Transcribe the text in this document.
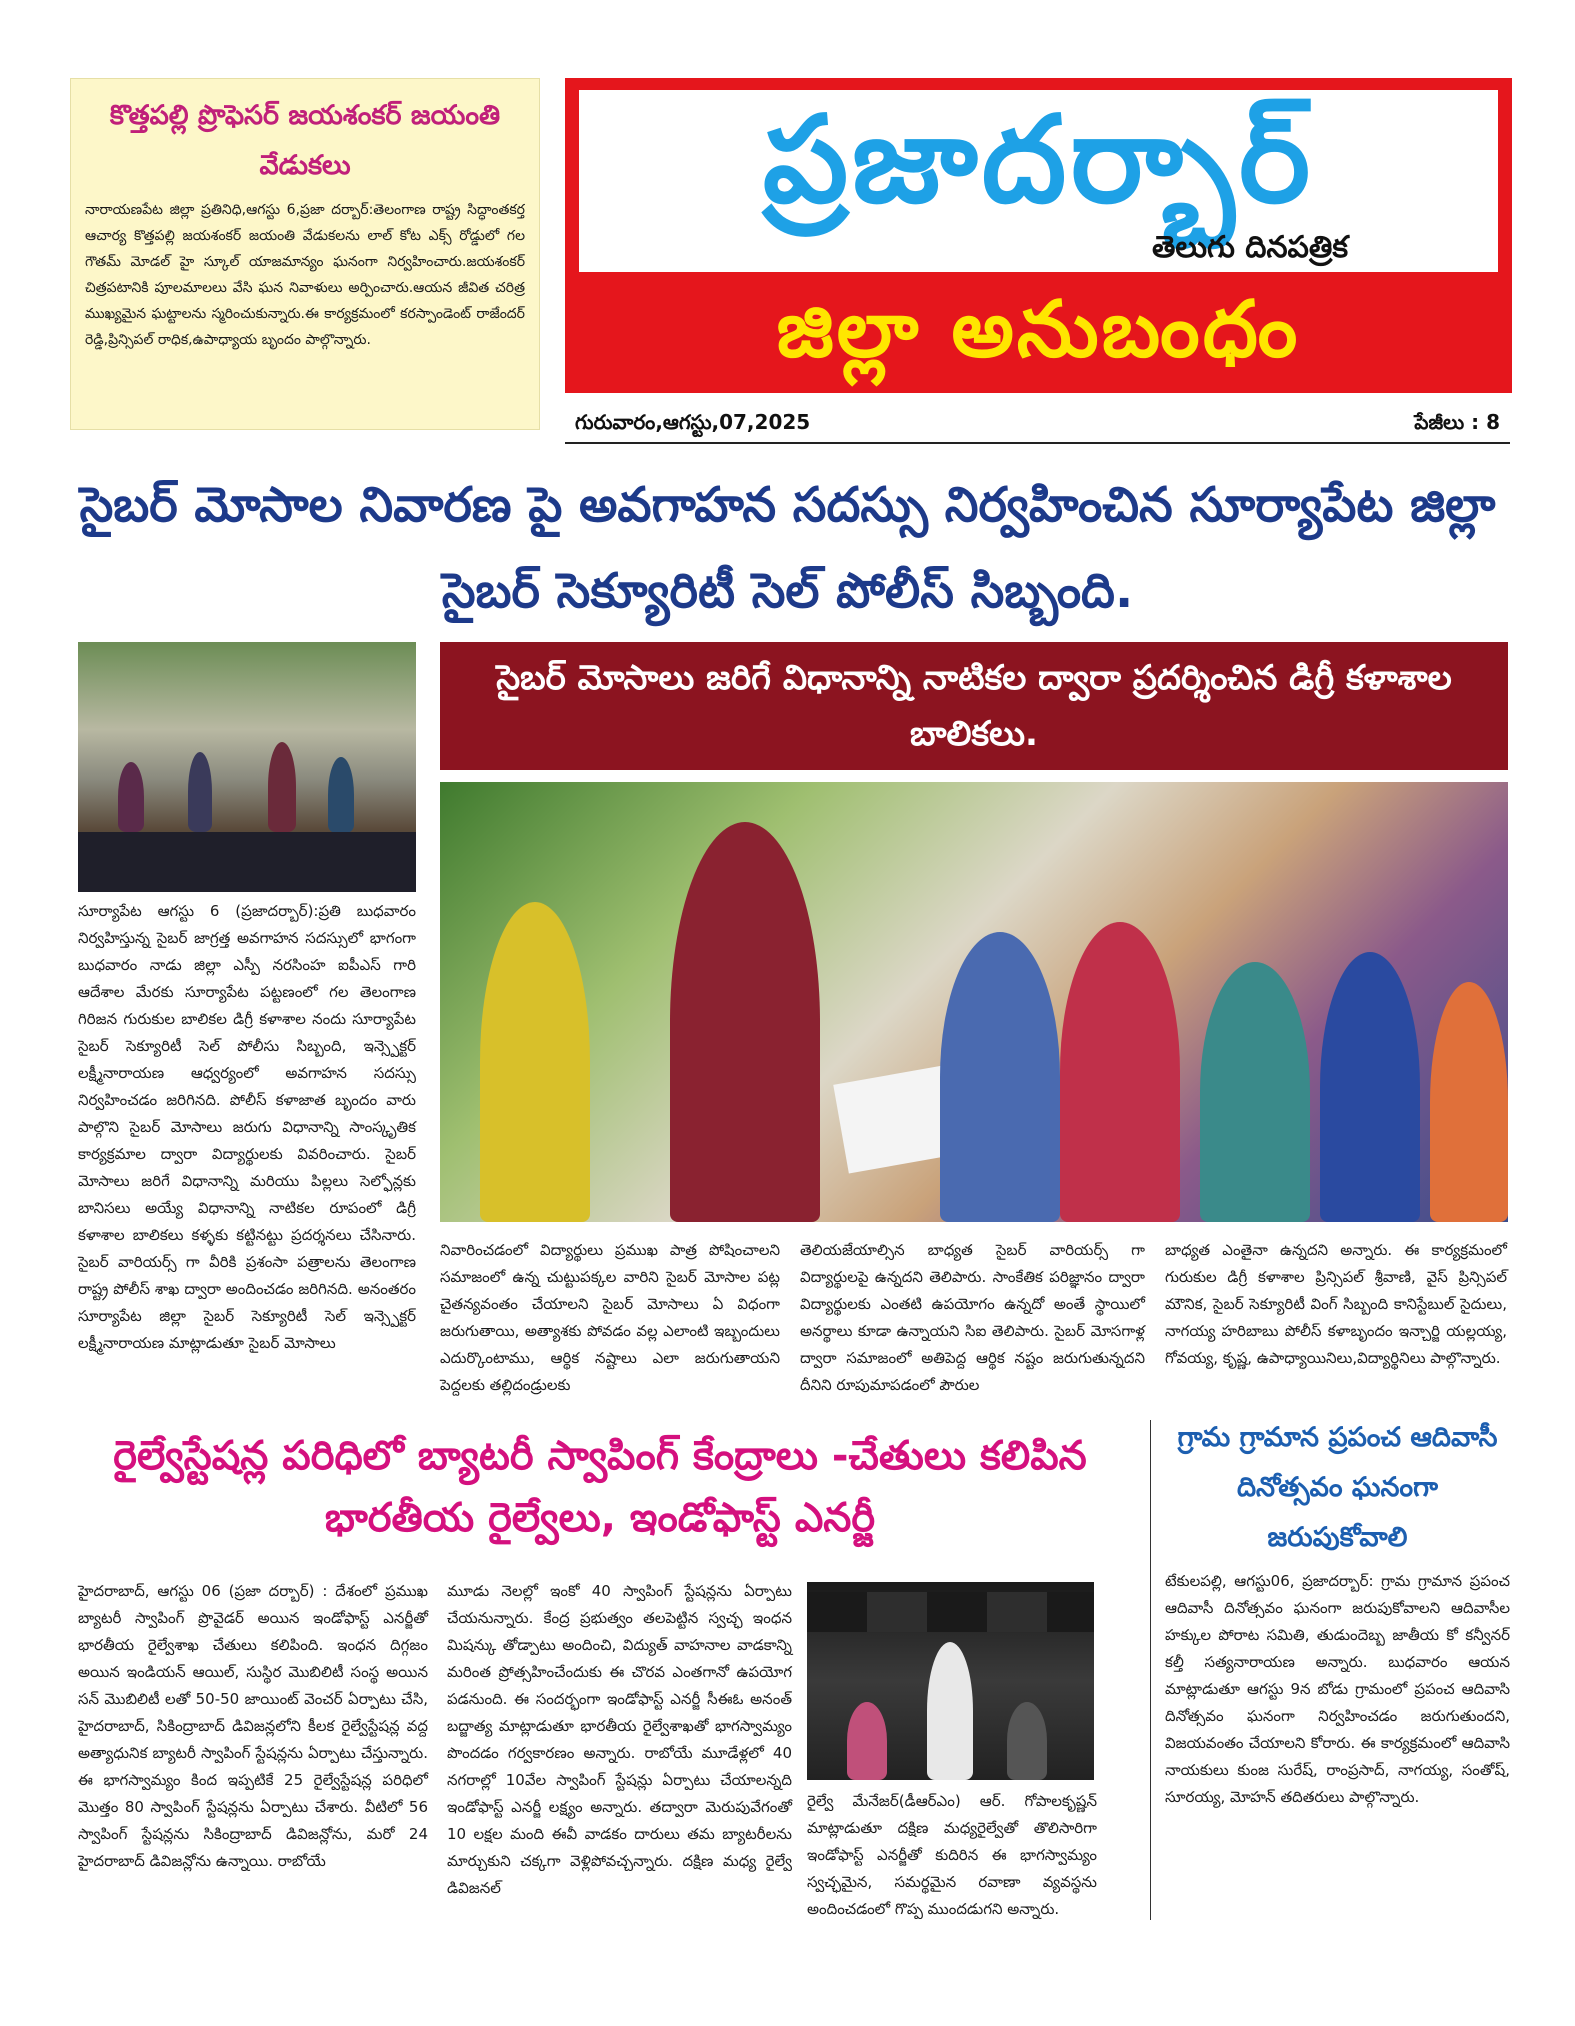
కొత్తపల్లి ప్రొఫెసర్ జయశంకర్ జయంతి వేడుకలు

నారాయణపేట జిల్లా ప్రతినిధి,ఆగస్టు 6,ప్రజా దర్బార్:తెలంగాణ రాష్ట్ర సిద్ధాంతకర్త ఆచార్య కొత్తపల్లి జయశంకర్ జయంతి వేడుకలను లాల్ కోట ఎక్స్ రోడ్డులో గల గౌతమ్ మోడల్ హై స్కూల్ యాజమాన్యం ఘనంగా నిర్వహించారు.జయశంకర్ చిత్రపటానికి పూలమాలలు వేసి ఘన నివాళులు అర్పించారు.ఆయన జీవిత చరిత్ర ముఖ్యమైన ఘట్టాలను స్మరించుకున్నారు.ఈ కార్యక్రమంలో కరస్పాండెంట్ రాజేందర్ రెడ్డి,ప్రిన్సిపల్ రాధిక,ఉపాధ్యాయ బృందం పాల్గొన్నారు.

ప్రజాదర్బార్
తెలుగు దినపత్రిక
జిల్లా అనుబంధం
గురువారం,ఆగస్టు,07,2025	పేజీలు : 8
సైబర్ మోసాల నివారణ పై అవగాహన సదస్సు నిర్వహించిన సూర్యాపేట జిల్లా సైబర్ సెక్యూరిటీ సెల్ పోలీస్ సిబ్బంది.
సైబర్ మోసాలు జరిగే విధానాన్ని నాటికల ద్వారా ప్రదర్శించిన డిగ్రీ కళాశాల బాలికలు.

సూర్యాపేట ఆగస్టు 6 (ప్రజాదర్బార్):ప్రతి బుధవారం నిర్వహిస్తున్న సైబర్ జాగ్రత్త అవగాహన సదస్సులో భాగంగా బుధవారం నాడు జిల్లా ఎస్పీ నరసింహ ఐపీఎస్ గారి ఆదేశాల మేరకు సూర్యాపేట పట్టణంలో గల తెలంగాణ గిరిజన గురుకుల బాలికల డిగ్రీ కళాశాల నందు సూర్యాపేట సైబర్ సెక్యూరిటీ సెల్ పోలీసు సిబ్బంది, ఇన్స్పెక్టర్ లక్ష్మీనారాయణ ఆధ్వర్యంలో అవగాహన సదస్సు నిర్వహించడం జరిగినది. పోలీస్ కళాజాత బృందం వారు పాల్గొని సైబర్ మోసాలు జరుగు విధానాన్ని సాంస్కృతిక కార్యక్రమాల ద్వారా విద్యార్థులకు వివరించారు. సైబర్ మోసాలు జరిగే విధానాన్ని మరియు పిల్లలు సెల్ఫోన్లకు బానిసలు అయ్యే విధానాన్ని నాటికల రూపంలో డిగ్రీ కళాశాల బాలికలు కళ్ళకు కట్టినట్టు ప్రదర్శనలు చేసినారు. సైబర్ వారియర్స్ గా వీరికి ప్రశంసా పత్రాలను తెలంగాణ రాష్ట్ర పోలీస్ శాఖ ద్వారా అందించడం జరిగినది. అనంతరం సూర్యాపేట జిల్లా సైబర్ సెక్యూరిటీ సెల్ ఇన్స్పెక్టర్ లక్ష్మీనారాయణ మాట్లాడుతూ సైబర్ మోసాలు

నివారించడంలో విద్యార్థులు ప్రముఖ పాత్ర పోషించాలని సమాజంలో ఉన్న చుట్టుపక్కల వారిని సైబర్ మోసాల పట్ల చైతన్యవంతం చేయాలని సైబర్ మోసాలు ఏ విధంగా జరుగుతాయి, అత్యాశకు పోవడం వల్ల ఎలాంటి ఇబ్బందులు ఎదుర్కొంటాము, ఆర్థిక నష్టాలు ఎలా జరుగుతాయని పెద్దలకు తల్లిదండ్రులకు

తెలియజేయాల్సిన బాధ్యత సైబర్ వారియర్స్ గా విద్యార్థులపై ఉన్నదని తెలిపారు. సాంకేతిక పరిజ్ఞానం ద్వారా విద్యార్థులకు ఎంతటి ఉపయోగం ఉన్నదో అంతే స్థాయిలో అనర్థాలు కూడా ఉన్నాయని సిఐ తెలిపారు. సైబర్ మోసగాళ్ల ద్వారా సమాజంలో అతిపెద్ద ఆర్థిక నష్టం జరుగుతున్నదని దీనిని రూపుమాపడంలో పౌరుల

బాధ్యత ఎంతైనా ఉన్నదని అన్నారు. ఈ కార్యక్రమంలో గురుకుల డిగ్రీ కళాశాల ప్రిన్సిపల్ శ్రీవాణి, వైస్ ప్రిన్సిపల్ మౌనిక, సైబర్ సెక్యూరిటీ వింగ్ సిబ్బంది కానిస్టేబుల్ సైదులు, నాగయ్య హరిబాబు పోలీస్ కళాబృందం ఇన్చార్జి యల్లయ్య, గోవయ్య, కృష్ణ, ఉపాధ్యాయినిలు,విద్యార్థినిలు పాల్గొన్నారు.

రైల్వేస్టేషన్ల పరిధిలో బ్యాటరీ స్వాపింగ్ కేంద్రాలు -చేతులు కలిపిన భారతీయ రైల్వేలు, ఇండోఫాస్ట్ ఎనర్జీ

హైదరాబాద్, ఆగస్టు 06 (ప్రజా దర్బార్) : దేశంలో ప్రముఖ బ్యాటరీ స్వాపింగ్ ప్రొవైడర్ అయిన ఇండోఫాస్ట్ ఎనర్జీతో భారతీయ రైల్వేశాఖ చేతులు కలిపింది. ఇంధన దిగ్గజం అయిన ఇండియన్ ఆయిల్, సుస్థిర మొబిలిటీ సంస్థ అయిన సన్ మొబిలిటీ లతో 50-50 జాయింట్ వెంచర్ ఏర్పాటు చేసి, హైదరాబాద్, సికింద్రాబాద్ డివిజన్లలోని కీలక రైల్వేస్టేషన్ల వద్ద అత్యాధునిక బ్యాటరీ స్వాపింగ్ స్టేషన్లను ఏర్పాటు చేస్తున్నారు. ఈ భాగస్వామ్యం కింద ఇప్పటికే 25 రైల్వేస్టేషన్ల పరిధిలో మొత్తం 80 స్వాపింగ్ స్టేషన్లను ఏర్పాటు చేశారు. వీటిలో 56 స్వాపింగ్ స్టేషన్లను సికింద్రాబాద్ డివిజన్లోను, మరో 24 హైదరాబాద్ డివిజన్లోను ఉన్నాయి. రాబోయే

మూడు నెలల్లో ఇంకో 40 స్వాపింగ్ స్టేషన్లను ఏర్పాటు చేయనున్నారు. కేంద్ర ప్రభుత్వం తలపెట్టిన స్వచ్ఛ ఇంధన మిషన్కు తోడ్పాటు అందించి, విద్యుత్ వాహనాల వాడకాన్ని మరింత ప్రోత్సహించేందుకు ఈ చొరవ ఎంతగానో ఉపయోగ పడనుంది. ఈ సందర్భంగా ఇండోఫాస్ట్ ఎనర్జీ సీఈఓ అనంత్ బద్జాత్య మాట్లాడుతూ భారతీయ రైల్వేశాఖతో భాగస్వామ్యం పొందడం గర్వకారణం అన్నారు. రాబోయే మూడేళ్లలో 40 నగరాల్లో 10వేల స్వాపింగ్ స్టేషన్లు ఏర్పాటు చేయాలన్నది ఇండోఫాస్ట్ ఎనర్జీ లక్ష్యం అన్నారు. తద్వారా మెరుపువేగంతో 10 లక్షల మంది ఈవీ వాడకం దారులు తమ బ్యాటరీలను మార్చుకుని చక్కగా వెళ్లిపోవచ్చన్నారు. దక్షిణ మధ్య రైల్వే డివిజనల్

రైల్వే మేనేజర్(డీఆర్ఎం) ఆర్. గోపాలకృష్ణన్ మాట్లాడుతూ దక్షిణ మధ్యరైల్వేతో తొలిసారిగా ఇండోఫాస్ట్ ఎనర్జీతో కుదిరిన ఈ భాగస్వామ్యం స్వచ్ఛమైన, సమర్థమైన రవాణా వ్యవస్థను అందించడంలో గొప్ప ముందడుగని అన్నారు.

గ్రామ గ్రామాన ప్రపంచ ఆదివాసీ దినోత్సవం ఘనంగా జరుపుకోవాలి

టేకులపల్లి, ఆగస్టు06, ప్రజాదర్బార్: గ్రామ గ్రామాన ప్రపంచ ఆదివాసీ దినోత్సవం ఘనంగా జరుపుకోవాలని ఆదివాసీల హక్కుల పోరాట సమితి, తుడుందెబ్బ జాతీయ కో కన్వీనర్ కల్తీ సత్యనారాయణ అన్నారు. బుధవారం ఆయన మాట్లాడుతూ ఆగస్టు 9న బోడు గ్రామంలో ప్రపంచ ఆదివాసి దినోత్సవం ఘనంగా నిర్వహించడం జరుగుతుందని, విజయవంతం చేయాలని కోరారు. ఈ కార్యక్రమంలో ఆదివాసి నాయకులు కుంజ సురేష్, రాంప్రసాద్, నాగయ్య, సంతోష్, సూరయ్య, మోహన్ తదితరులు పాల్గొన్నారు.
